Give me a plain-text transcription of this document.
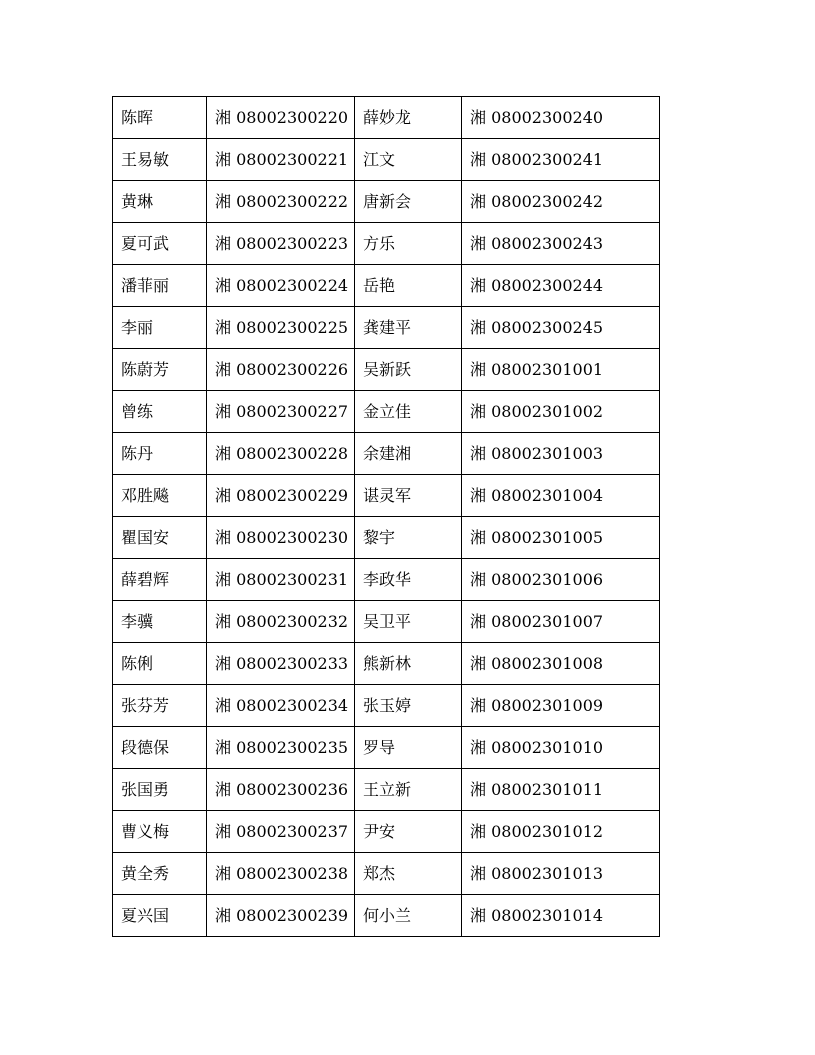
陈晖	湘 08002300220	薛妙龙	湘 08002300240
王易敏	湘 08002300221	江文	湘 08002300241
黄琳	湘 08002300222	唐新会	湘 08002300242
夏可武	湘 08002300223	方乐	湘 08002300243
潘菲丽	湘 08002300224	岳艳	湘 08002300244
李丽	湘 08002300225	龚建平	湘 08002300245
陈蔚芳	湘 08002300226	吴新跃	湘 08002301001
曾练	湘 08002300227	金立佳	湘 08002301002
陈丹	湘 08002300228	余建湘	湘 08002301003
邓胜飚	湘 08002300229	谌灵军	湘 08002301004
瞿国安	湘 08002300230	黎宇	湘 08002301005
薛碧辉	湘 08002300231	李政华	湘 08002301006
李骥	湘 08002300232	吴卫平	湘 08002301007
陈俐	湘 08002300233	熊新林	湘 08002301008
张芬芳	湘 08002300234	张玉婷	湘 08002301009
段德保	湘 08002300235	罗导	湘 08002301010
张国勇	湘 08002300236	王立新	湘 08002301011
曹义梅	湘 08002300237	尹安	湘 08002301012
黄全秀	湘 08002300238	郑杰	湘 08002301013
夏兴国	湘 08002300239	何小兰	湘 08002301014
